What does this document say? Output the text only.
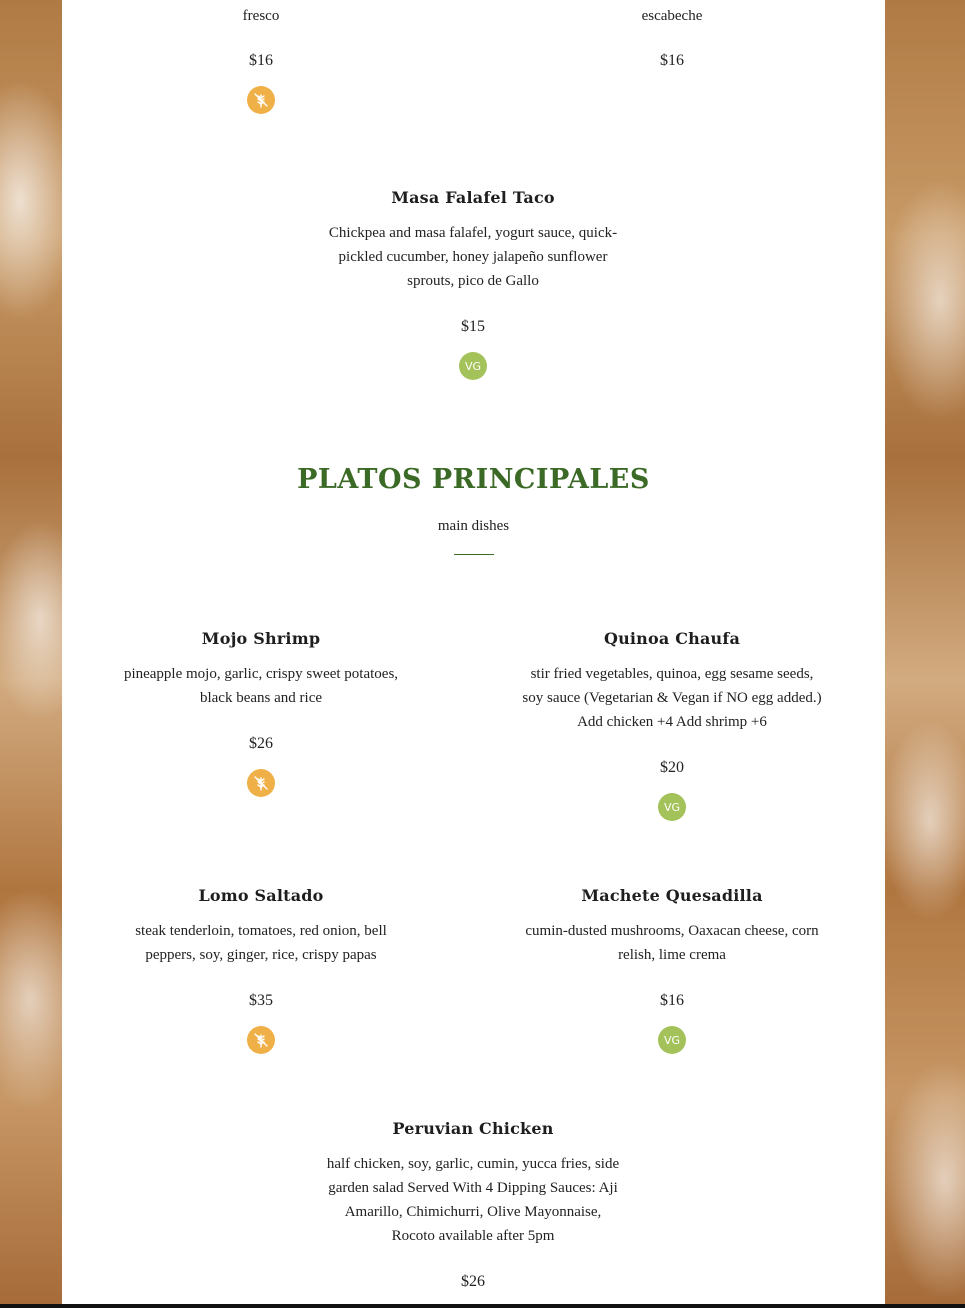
fresco

$16

escabeche

$16
Masa Falafel Taco

Chickpea and masa falafel, yogurt sauce, quick-pickled cucumber, honey jalapeño sunflower sprouts, pico de Gallo

$15
VG
PLATOS PRINCIPALES
main dishes
Mojo Shrimp

pineapple mojo, garlic, crispy sweet potatoes, black beans and rice

$26
Quinoa Chaufa

stir fried vegetables, quinoa, egg sesame seeds, soy sauce (Vegetarian & Vegan if NO egg added.) Add chicken +4 Add shrimp +6

$20
VG
Lomo Saltado

steak tenderloin, tomatoes, red onion, bell peppers, soy, ginger, rice, crispy papas

$35
Machete Quesadilla

cumin-dusted mushrooms, Oaxacan cheese, corn relish, lime crema

$16
VG
Peruvian Chicken

half chicken, soy, garlic, cumin, yucca fries, side garden salad Served With 4 Dipping Sauces: Aji Amarillo, Chimichurri, Olive Mayonnaise, Rocoto available after 5pm

$26
